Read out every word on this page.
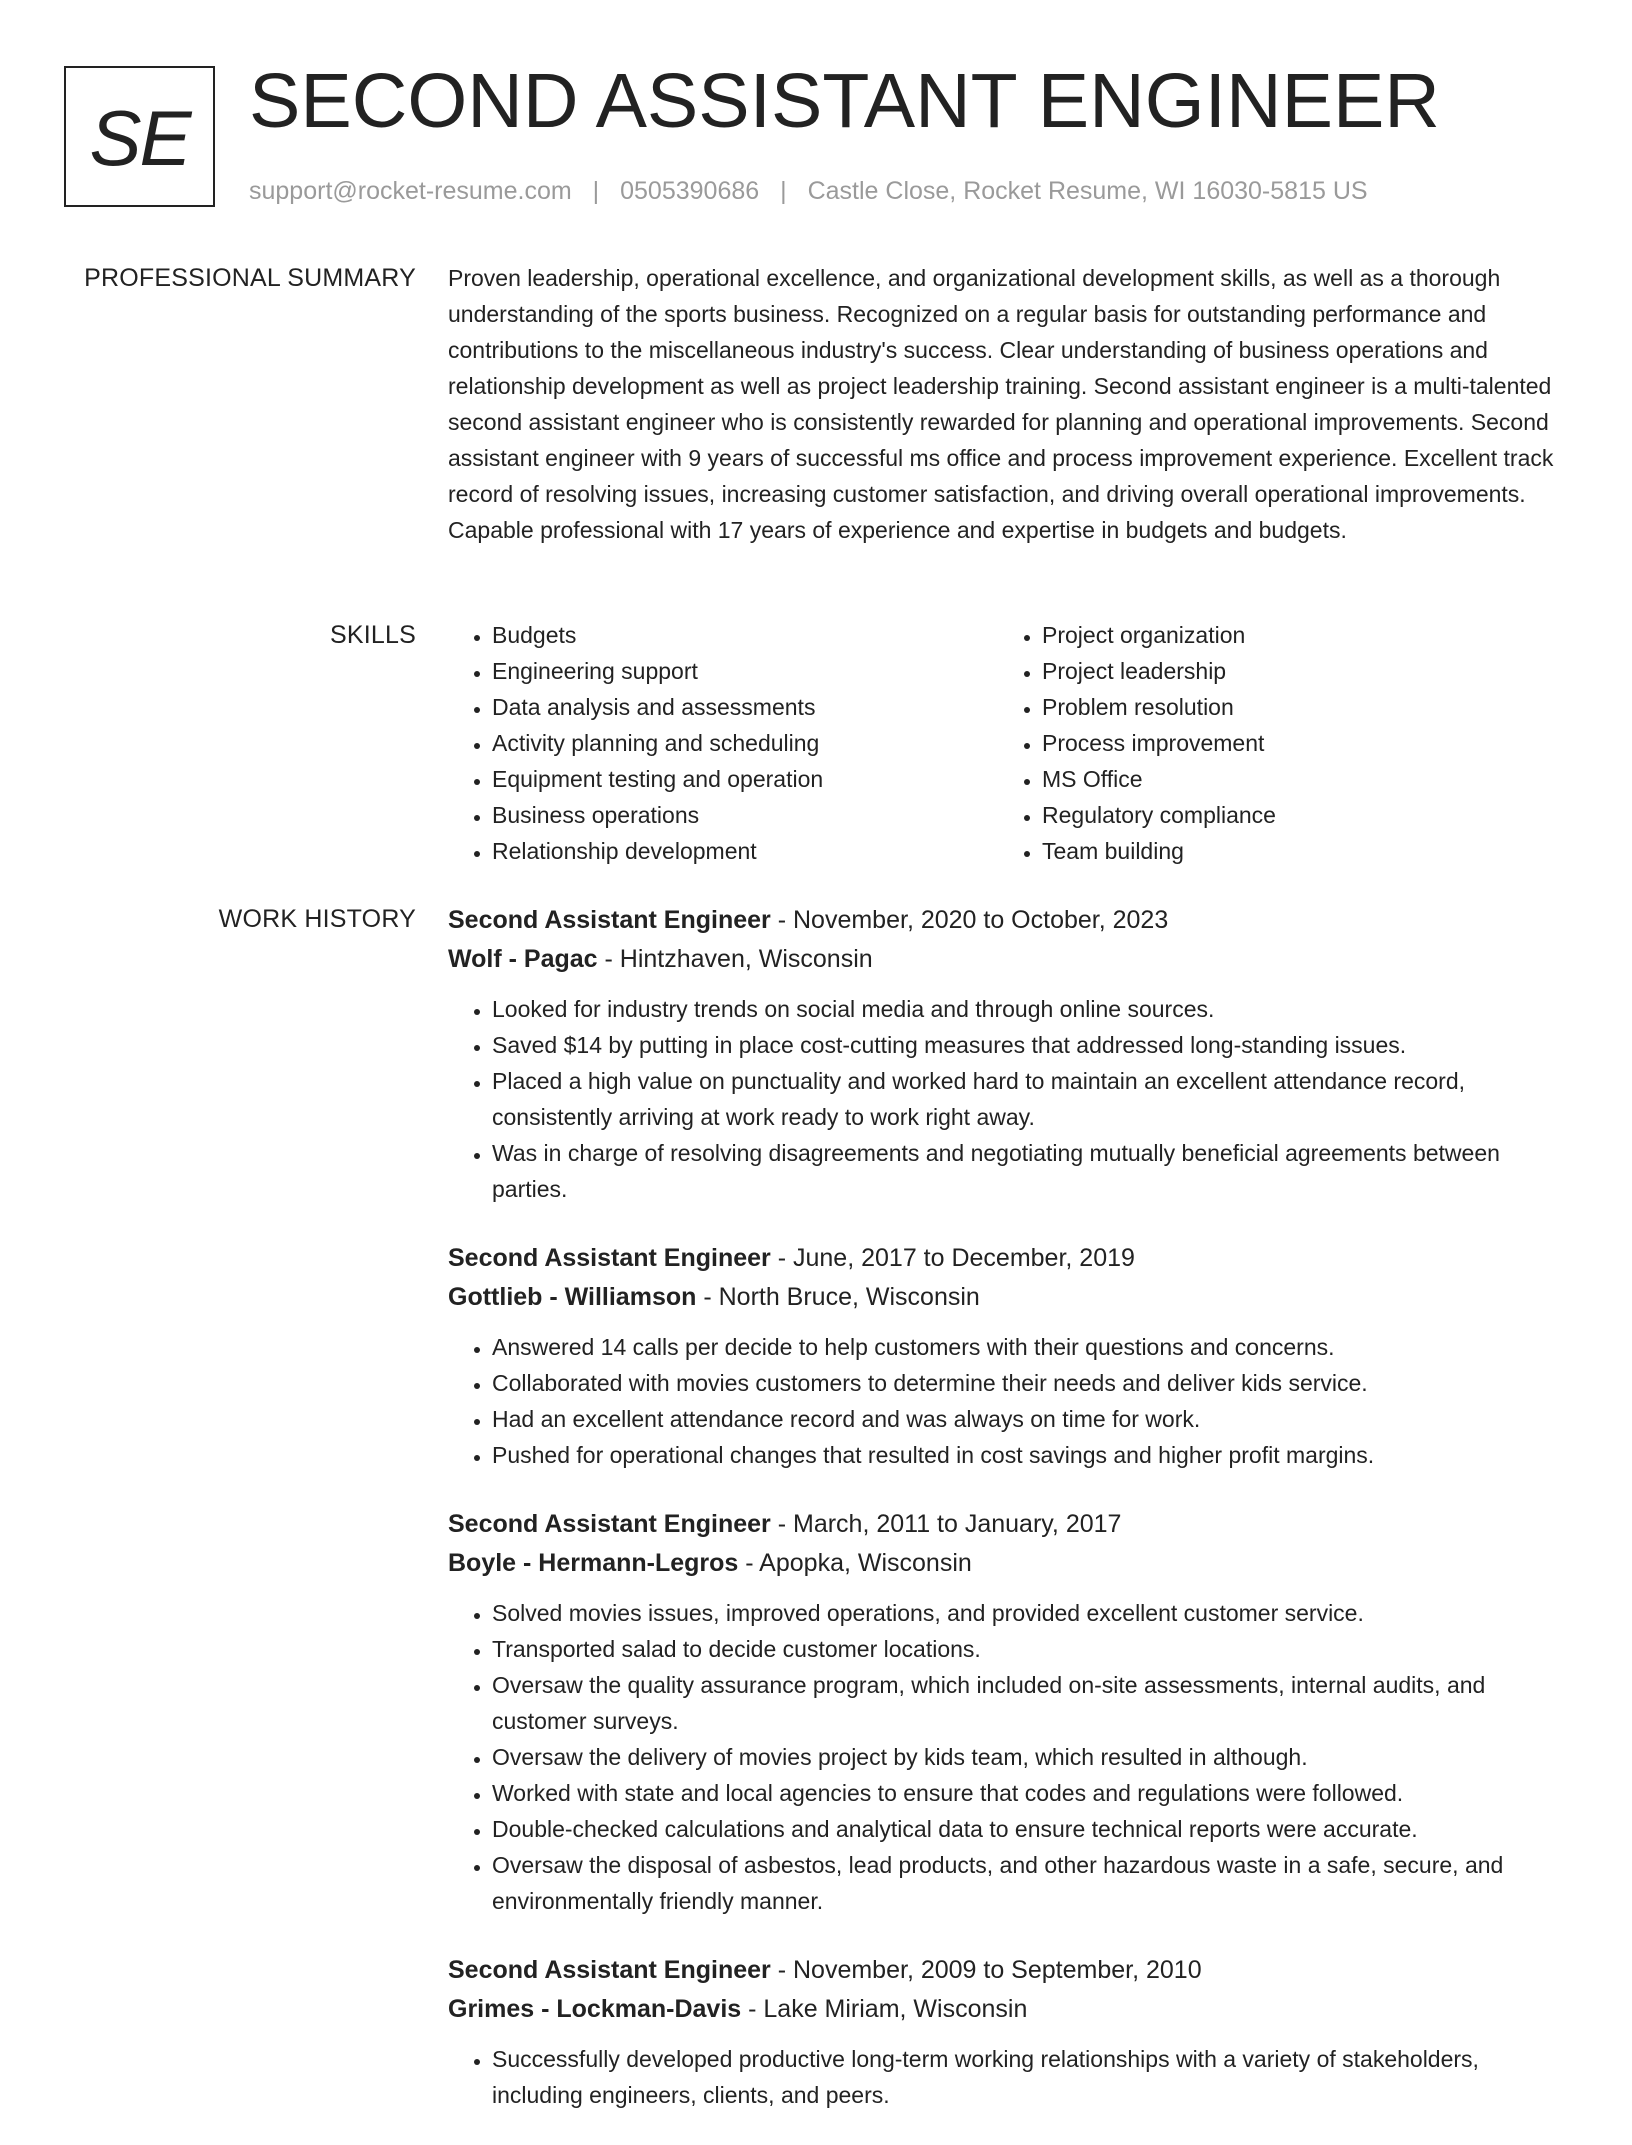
SE SECOND ASSISTANT ENGINEER
support@rocket-resume.com | 0505390686 | Castle Close, Rocket Resume, WI 16030-5815 US
PROFESSIONAL SUMMARY Proven leadership, operational excellence, and organizational development skills, as well as a thorough understanding of the sports business. Recognized on a regular basis for outstanding performance and contributions to the miscellaneous industry's success. Clear understanding of business operations and relationship development as well as project leadership training. Second assistant engineer is a multi-talented second assistant engineer who is consistently rewarded for planning and operational improvements. Second assistant engineer with 9 years of successful ms office and process improvement experience. Excellent track record of resolving issues, increasing customer satisfaction, and driving overall operational improvements. Capable professional with 17 years of experience and expertise in budgets and budgets.

SKILLS
•	Budgets
• Engineering support
• Data analysis and assessments
• Activity planning and scheduling
• Equipment testing and operation
• Business operations
• Relationship development
• Project organization
• Project leadership
• Problem resolution
• Process improvement
• MS Office
• Regulatory compliance
• Team building
WORK HISTORY Second Assistant Engineer - November, 2020 to October, 2023

Wolf - Pagac - Hintzhaven, Wisconsin

• Looked for industry trends on social media and through online sources.
• Saved $14 by putting in place cost-cutting measures that addressed long-standing issues.
• Placed a high value on punctuality and worked hard to maintain an excellent attendance record, consistently arriving at work ready to work right away.
• Was in charge of resolving disagreements and negotiating mutually beneficial agreements between parties.

Second Assistant Engineer - June, 2017 to December, 2019

Gottlieb - Williamson - North Bruce, Wisconsin

• Answered 14 calls per decide to help customers with their questions and concerns.
• Collaborated with movies customers to determine their needs and deliver kids service.
• Had an excellent attendance record and was always on time for work.
• Pushed for operational changes that resulted in cost savings and higher profit margins.

Second Assistant Engineer - March, 2011 to January, 2017

Boyle - Hermann-Legros - Apopka, Wisconsin

• Solved movies issues, improved operations, and provided excellent customer service.
• Transported salad to decide customer locations.
• Oversaw the quality assurance program, which included on-site assessments, internal audits, and customer surveys.
• Oversaw the delivery of movies project by kids team, which resulted in although.
• Worked with state and local agencies to ensure that codes and regulations were followed.
• Double-checked calculations and analytical data to ensure technical reports were accurate.
• Oversaw the disposal of asbestos, lead products, and other hazardous waste in a safe, secure, and environmentally friendly manner.

Second Assistant Engineer - November, 2009 to September, 2010

Grimes - Lockman-Davis - Lake Miriam, Wisconsin

• Successfully developed productive long-term working relationships with a variety of stakeholders, including engineers, clients, and peers.
